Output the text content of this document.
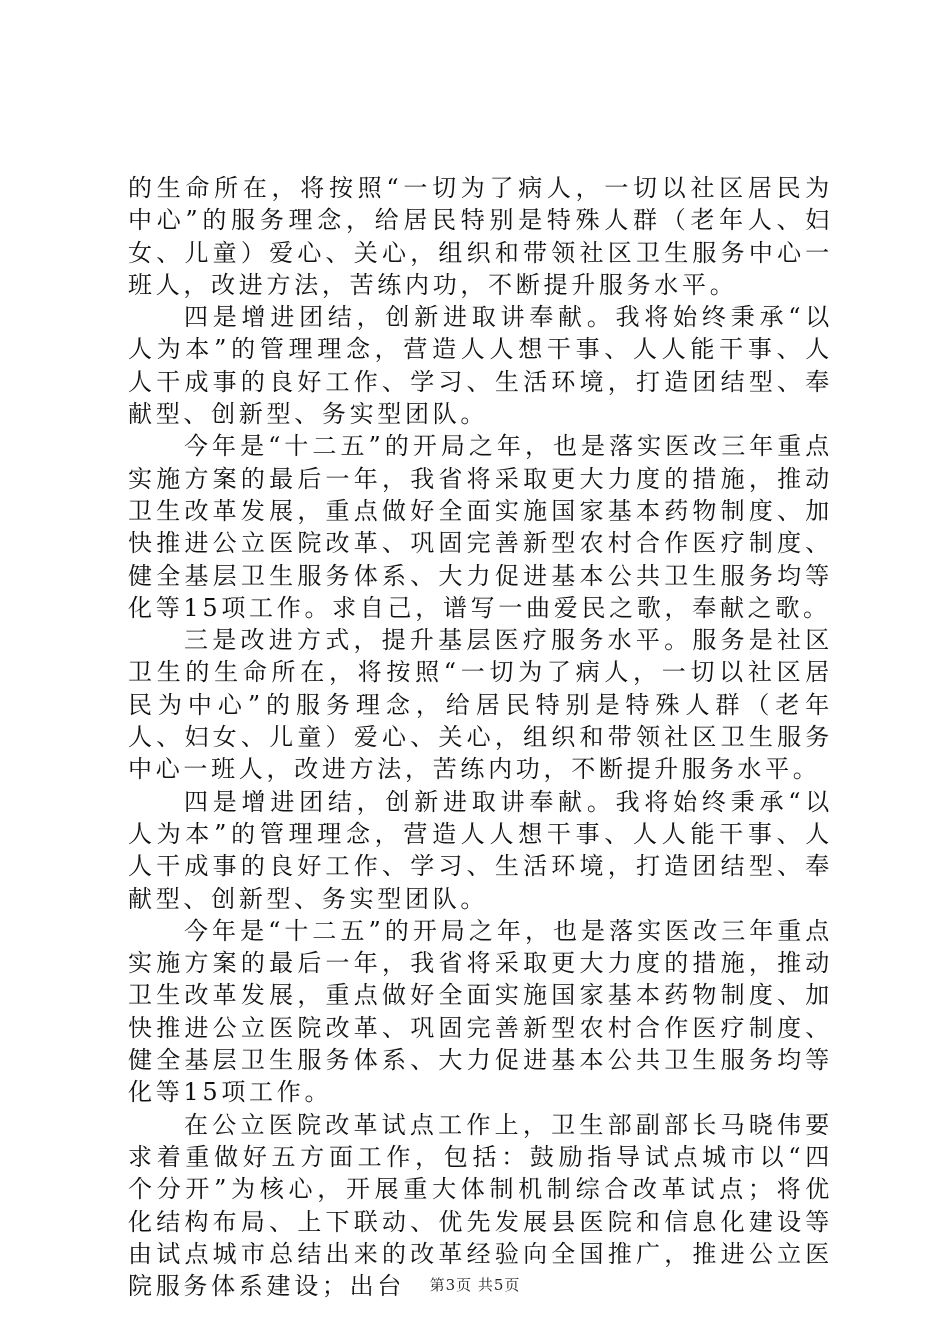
的生命所在，将按照“一切为了病人，一切以社区居民为中心”的服务理念，给居民特别是特殊人群（老年人、妇女、儿童）爱心、关心，组织和带领社区卫生服务中心一班人，改进方法，苦练内功，不断提升服务水平。

四是增进团结，创新进取讲奉献。我将始终秉承“以人为本”的管理理念，营造人人想干事、人人能干事、人人干成事的良好工作、学习、生活环境，打造团结型、奉献型、创新型、务实型团队。

今年是“十二五”的开局之年，也是落实医改三年重点实施方案的最后一年，我省将采取更大力度的措施，推动卫生改革发展，重点做好全面实施国家基本药物制度、加快推进公立医院改革、巩固完善新型农村合作医疗制度、健全基层卫生服务体系、大力促进基本公共卫生服务均等化等15项工作。求自己，谱写一曲爱民之歌，奉献之歌。

三是改进方式，提升基层医疗服务水平。服务是社区卫生的生命所在，将按照“一切为了病人，一切以社区居民为中心”的服务理念，给居民特别是特殊人群（老年人、妇女、儿童）爱心、关心，组织和带领社区卫生服务中心一班人，改进方法，苦练内功，不断提升服务水平。

四是增进团结，创新进取讲奉献。我将始终秉承“以人为本”的管理理念，营造人人想干事、人人能干事、人人干成事的良好工作、学习、生活环境，打造团结型、奉献型、创新型、务实型团队。

今年是“十二五”的开局之年，也是落实医改三年重点实施方案的最后一年，我省将采取更大力度的措施，推动卫生改革发展，重点做好全面实施国家基本药物制度、加快推进公立医院改革、巩固完善新型农村合作医疗制度、健全基层卫生服务体系、大力促进基本公共卫生服务均等化等15项工作。

在公立医院改革试点工作上，卫生部副部长马晓伟要求着重做好五方面工作，包括：鼓励指导试点城市以“四个分开”为核心，开展重大体制机制综合改革试点；将优化结构布局、上下联动、优先发展县医院和信息化建设等由试点城市总结出来的改革经验向全国推广，推进公立医院服务体系建设；出台	第3页 共5页
